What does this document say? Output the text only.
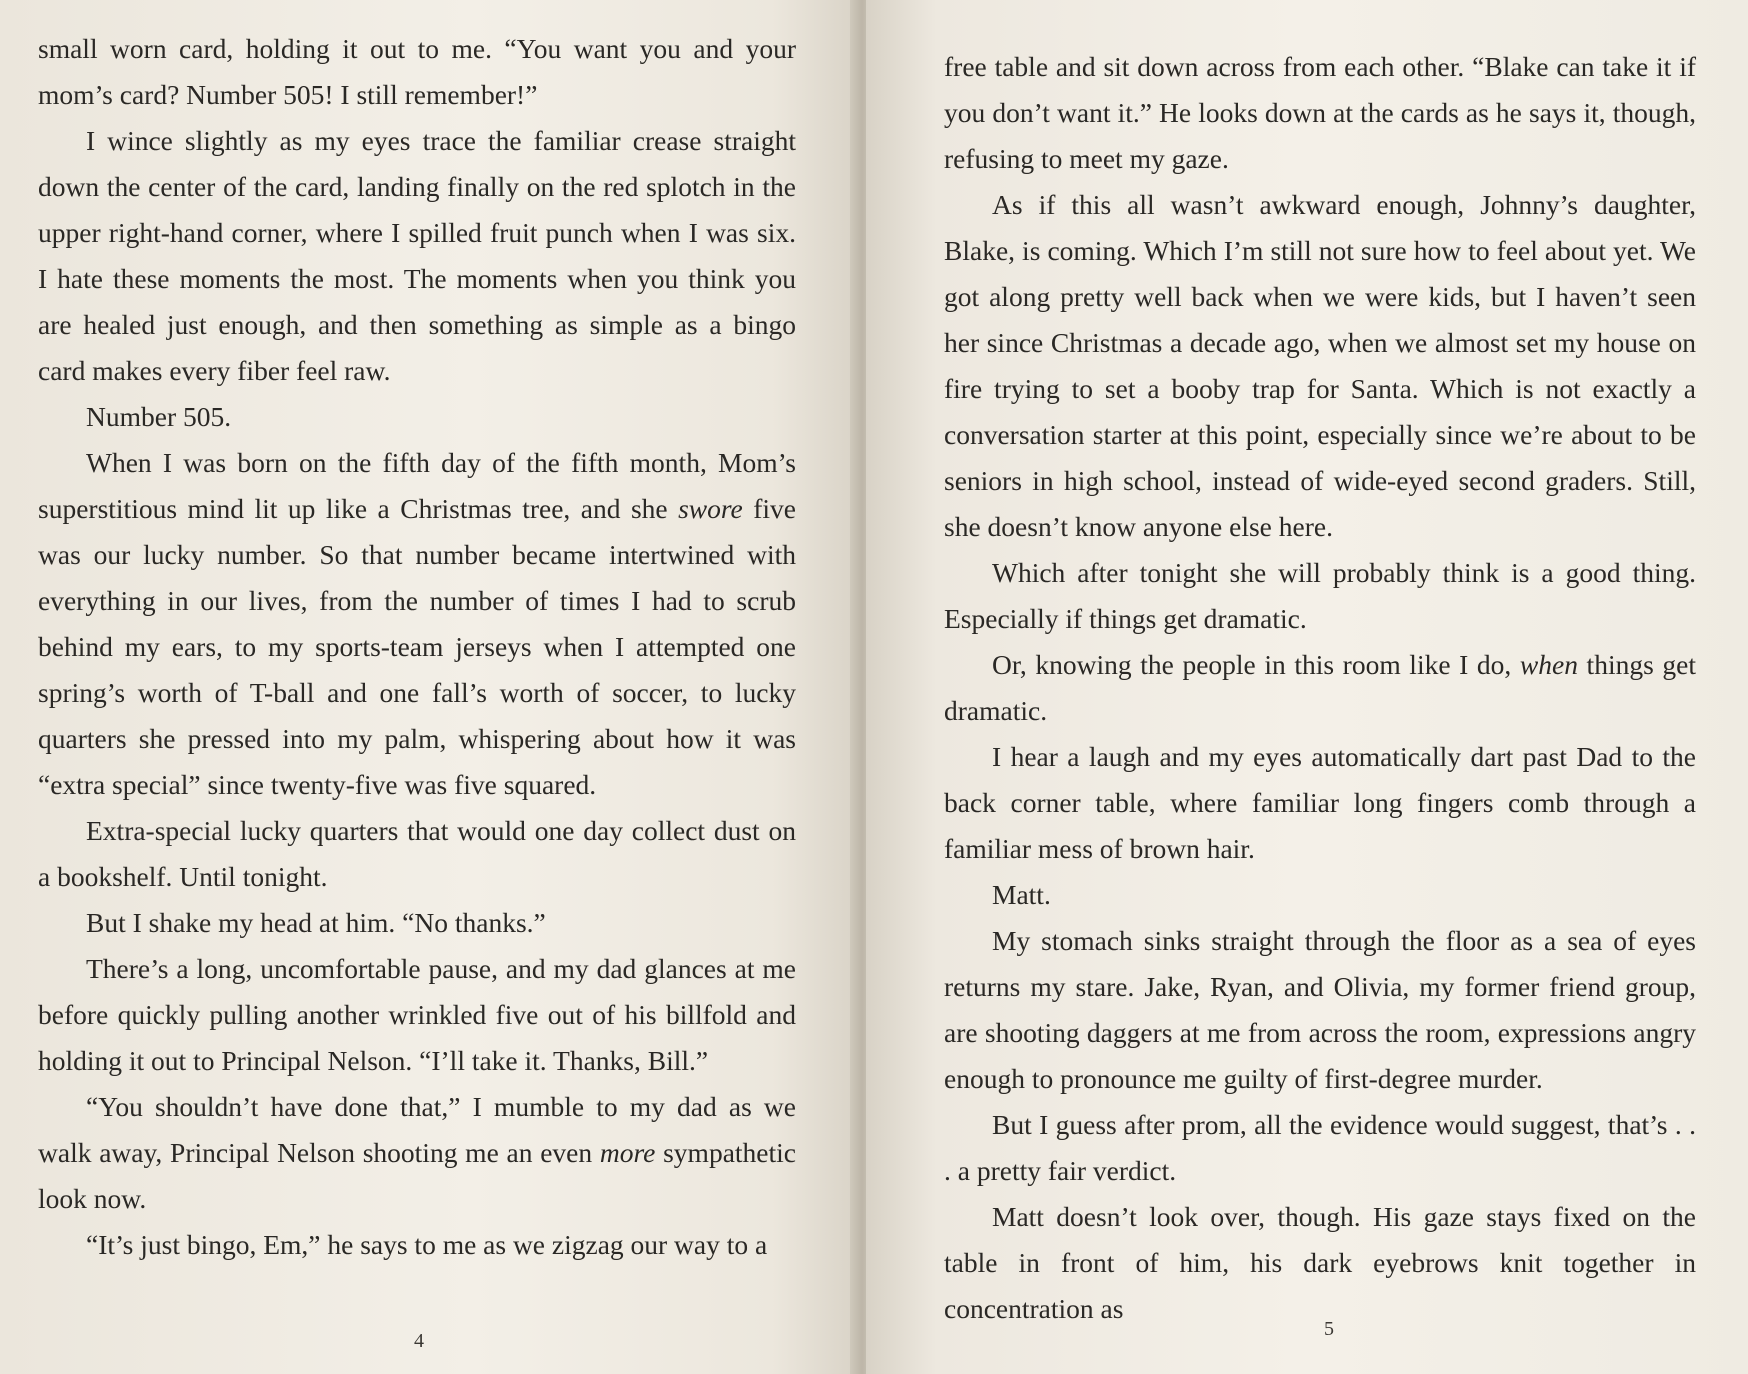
small worn card, holding it out to me. “You want you and your mom’s card? Number 505! I still remember!”

I wince slightly as my eyes trace the familiar crease straight down the center of the card, landing finally on the red splotch in the upper right-hand corner, where I spilled fruit punch when I was six. I hate these moments the most. The moments when you think you are healed just enough, and then something as simple as a bingo card makes every fiber feel raw.

Number 505.

When I was born on the fifth day of the fifth month, Mom’s superstitious mind lit up like a Christmas tree, and she swore five was our lucky number. So that number became intertwined with everything in our lives, from the number of times I had to scrub behind my ears, to my sports-team jerseys when I attempted one spring’s worth of T-ball and one fall’s worth of soccer, to lucky quarters she pressed into my palm, whispering about how it was “extra special” since twenty-five was five squared.

Extra-special lucky quarters that would one day collect dust on a bookshelf. Until tonight.

But I shake my head at him. “No thanks.”

There’s a long, uncomfortable pause, and my dad glances at me before quickly pulling another wrinkled five out of his billfold and holding it out to Principal Nelson. “I’ll take it. Thanks, Bill.”

“You shouldn’t have done that,” I mumble to my dad as we walk away, Principal Nelson shooting me an even more sympathetic look now.

“It’s just bingo, Em,” he says to me as we zigzag our way to a

4

free table and sit down across from each other. “Blake can take it if you don’t want it.” He looks down at the cards as he says it, though, refusing to meet my gaze.

As if this all wasn’t awkward enough, Johnny’s daughter, Blake, is coming. Which I’m still not sure how to feel about yet. We got along pretty well back when we were kids, but I haven’t seen her since Christmas a decade ago, when we almost set my house on fire trying to set a booby trap for Santa. Which is not exactly a conversation starter at this point, especially since we’re about to be seniors in high school, instead of wide-eyed second graders. Still, she doesn’t know anyone else here.

Which after tonight she will probably think is a good thing. Especially if things get dramatic.

Or, knowing the people in this room like I do, when things get dramatic.

I hear a laugh and my eyes automatically dart past Dad to the back corner table, where familiar long fingers comb through a familiar mess of brown hair.

Matt.

My stomach sinks straight through the floor as a sea of eyes returns my stare. Jake, Ryan, and Olivia, my former friend group, are shooting daggers at me from across the room, expressions angry enough to pronounce me guilty of first-degree murder.

But I guess after prom, all the evidence would suggest, that’s . . . a pretty fair verdict.

Matt doesn’t look over, though. His gaze stays fixed on the table in front of him, his dark eyebrows knit together in concentration as

5
